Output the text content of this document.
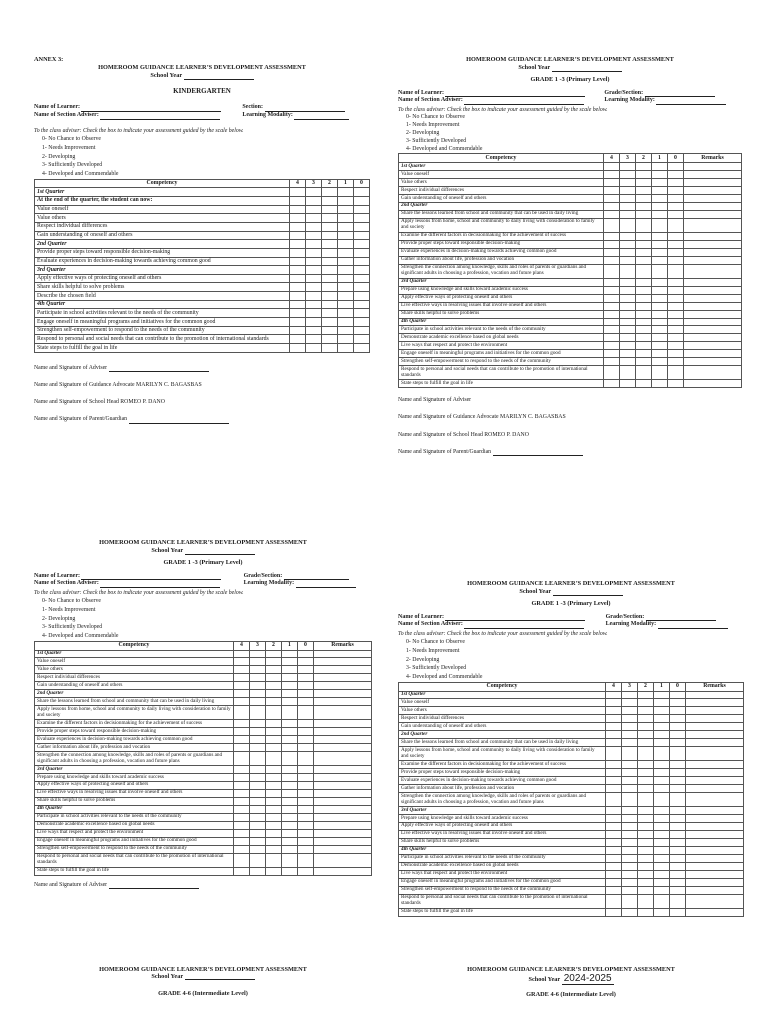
ANNEX 3:
HOMEROOM GUIDANCE LEARNER’S DEVELOPMENT ASSESSMENT
School Year
KINDERGARTEN
Name of Learner:	Section:
Name of Section Adviser:	Learning Modality:
To the class adviser: Check the box to indicate your assessment guided by the scale below.
0- No Chance to Observe
1- Needs Improvement
2- Developing
3- Sufficiently Developed
4- Developed and Commendable
Competency	4	3	2	1	0
1st Quarter					
At the end of the quarter, the student can now:					
Value oneself					
Value others					
Respect individual differences					
Gain understanding of oneself and others					
2nd Quarter					
Provide proper steps toward responsible decision-making					
Evaluate experiences in decision-making towards achieving common good					
3rd Quarter					
Apply effective ways of protecting oneself and others					
Share skills helpful to solve problems					
Describe the chosen field					
4th Quarter					
Participate in school activities relevant to the needs of the community					
Engage oneself in meaningful programs and initiatives for the common good					
Strengthen self-empowerment to respond to the needs of the community					
Respond to personal and social needs that can contribute to the promotion of international standards					
State steps to fulfill the goal in life					
Name and Signature of Adviser
Name and Signature of Guidance Advocate MARILYN C. BAGASBAS
Name and Signature of School Head ROMEO P. DANO
Name and Signature of Parent/Guardian
HOMEROOM GUIDANCE LEARNER’S DEVELOPMENT ASSESSMENT
School Year
GRADE 1 -3 (Primary Level)
Name of Learner:	Grade/Section:
Name of Section Adviser:	Learning Modality:
To the class adviser: Check the box to indicate your assessment guided by the scale below.
0- No Chance to Observe
1- Needs Improvement
2- Developing
3- Sufficiently Developed
4- Developed and Commendable
Competency	4	3	2	1	0	Remarks
1st Quarter						
Value oneself						
Value others						
Respect individual differences						
Gain understanding of oneself and others						
2nd Quarter						
Share the lessons learned from school and community that can be used in daily living						
Apply lessons from home, school and community to daily living with consideration to family and society						
Examine the different factors in decisionmaking for the achievement of success						
Provide proper steps toward responsible decision-making						
Evaluate experiences in decision-making towards achieving common good						
Gather information about life, profession and vocation						
Strengthen the connection among knowledge, skills and roles of parents or guardians and significant adults in choosing a profession, vocation and future plans						
3rd Quarter						
Prepare using knowledge and skills toward academic success						
Apply effective ways of protecting oneself and others						
Live effective ways in resolving issues that involve oneself and others						
Share skills helpful to solve problems						
4th Quarter						
Participate in school activities relevant to the needs of the community						
Demonstrate academic excellence based on global needs						
Live ways that respect and protect the environment						
Engage oneself in meaningful programs and initiatives for the common good						
Strengthen self-empowerment to respond to the needs of the community						
Respond to personal and social needs that can contribute to the promotion of international standards						
State steps to fulfill the goal in life						
Name and Signature of Adviser
Name and Signature of Guidance Advocate MARILYN C. BAGASBAS
Name and Signature of School Head ROMEO P. DANO
Name and Signature of Parent/Guardian
HOMEROOM GUIDANCE LEARNER’S DEVELOPMENT ASSESSMENT
School Year
GRADE 1 -3 (Primary Level)
Name of Learner:	Grade/Section:
Name of Section Adviser:	Learning Modality:
To the class adviser: Check the box to indicate your assessment guided by the scale below.
0- No Chance to Observe
1- Needs Improvement
2- Developing
3- Sufficiently Developed
4- Developed and Commendable
Competency	4	3	2	1	0	Remarks
1st Quarter						
Value oneself						
Value others						
Respect individual differences						
Gain understanding of oneself and others						
2nd Quarter						
Share the lessons learned from school and community that can be used in daily living						
Apply lessons from home, school and community to daily living with consideration to family and society						
Examine the different factors in decisionmaking for the achievement of success						
Provide proper steps toward responsible decision-making						
Evaluate experiences in decision-making towards achieving common good						
Gather information about life, profession and vocation						
Strengthen the connection among knowledge, skills and roles of parents or guardians and significant adults in choosing a profession, vocation and future plans						
3rd Quarter						
Prepare using knowledge and skills toward academic success						
Apply effective ways of protecting oneself and others						
Live effective ways in resolving issues that involve oneself and others						
Share skills helpful to solve problems						
4th Quarter						
Participate in school activities relevant to the needs of the community						
Demonstrate academic excellence based on global needs						
Live ways that respect and protect the environment						
Engage oneself in meaningful programs and initiatives for the common good						
Strengthen self-empowerment to respond to the needs of the community						
Respond to personal and social needs that can contribute to the promotion of international standards						
State steps to fulfill the goal in life						
Name and Signature of Adviser
HOMEROOM GUIDANCE LEARNER’S DEVELOPMENT ASSESSMENT
School Year
GRADE 1 -3 (Primary Level)
Name of Learner:	Grade/Section:
Name of Section Adviser:	Learning Modality:
To the class adviser: Check the box to indicate your assessment guided by the scale below.
0- No Chance to Observe
1- Needs Improvement
2- Developing
3- Sufficiently Developed
4- Developed and Commendable
Competency	4	3	2	1	0	Remarks
1st Quarter						
Value oneself						
Value others						
Respect individual differences						
Gain understanding of oneself and others						
2nd Quarter						
Share the lessons learned from school and community that can be used in daily living						
Apply lessons from home, school and community to daily living with consideration to family and society						
Examine the different factors in decisionmaking for the achievement of success						
Provide proper steps toward responsible decision-making						
Evaluate experiences in decision-making towards achieving common good						
Gather information about life, profession and vocation						
Strengthen the connection among knowledge, skills and roles of parents or guardians and significant adults in choosing a profession, vocation and future plans						
3rd Quarter						
Prepare using knowledge and skills toward academic success						
Apply effective ways of protecting oneself and others						
Live effective ways in resolving issues that involve oneself and others						
Share skills helpful to solve problems						
4th Quarter						
Participate in school activities relevant to the needs of the community						
Demonstrate academic excellence based on global needs						
Live ways that respect and protect the environment						
Engage oneself in meaningful programs and initiatives for the common good						
Strengthen self-empowerment to respond to the needs of the community						
Respond to personal and social needs that can contribute to the promotion of international standards						
State steps to fulfill the goal in life						
HOMEROOM GUIDANCE LEARNER’S DEVELOPMENT ASSESSMENT
School Year
GRADE 4-6 (Intermediate Level)
HOMEROOM GUIDANCE LEARNER’S DEVELOPMENT ASSESSMENT
School Year 2024-2025
GRADE 4-6 (Intermediate Level)
